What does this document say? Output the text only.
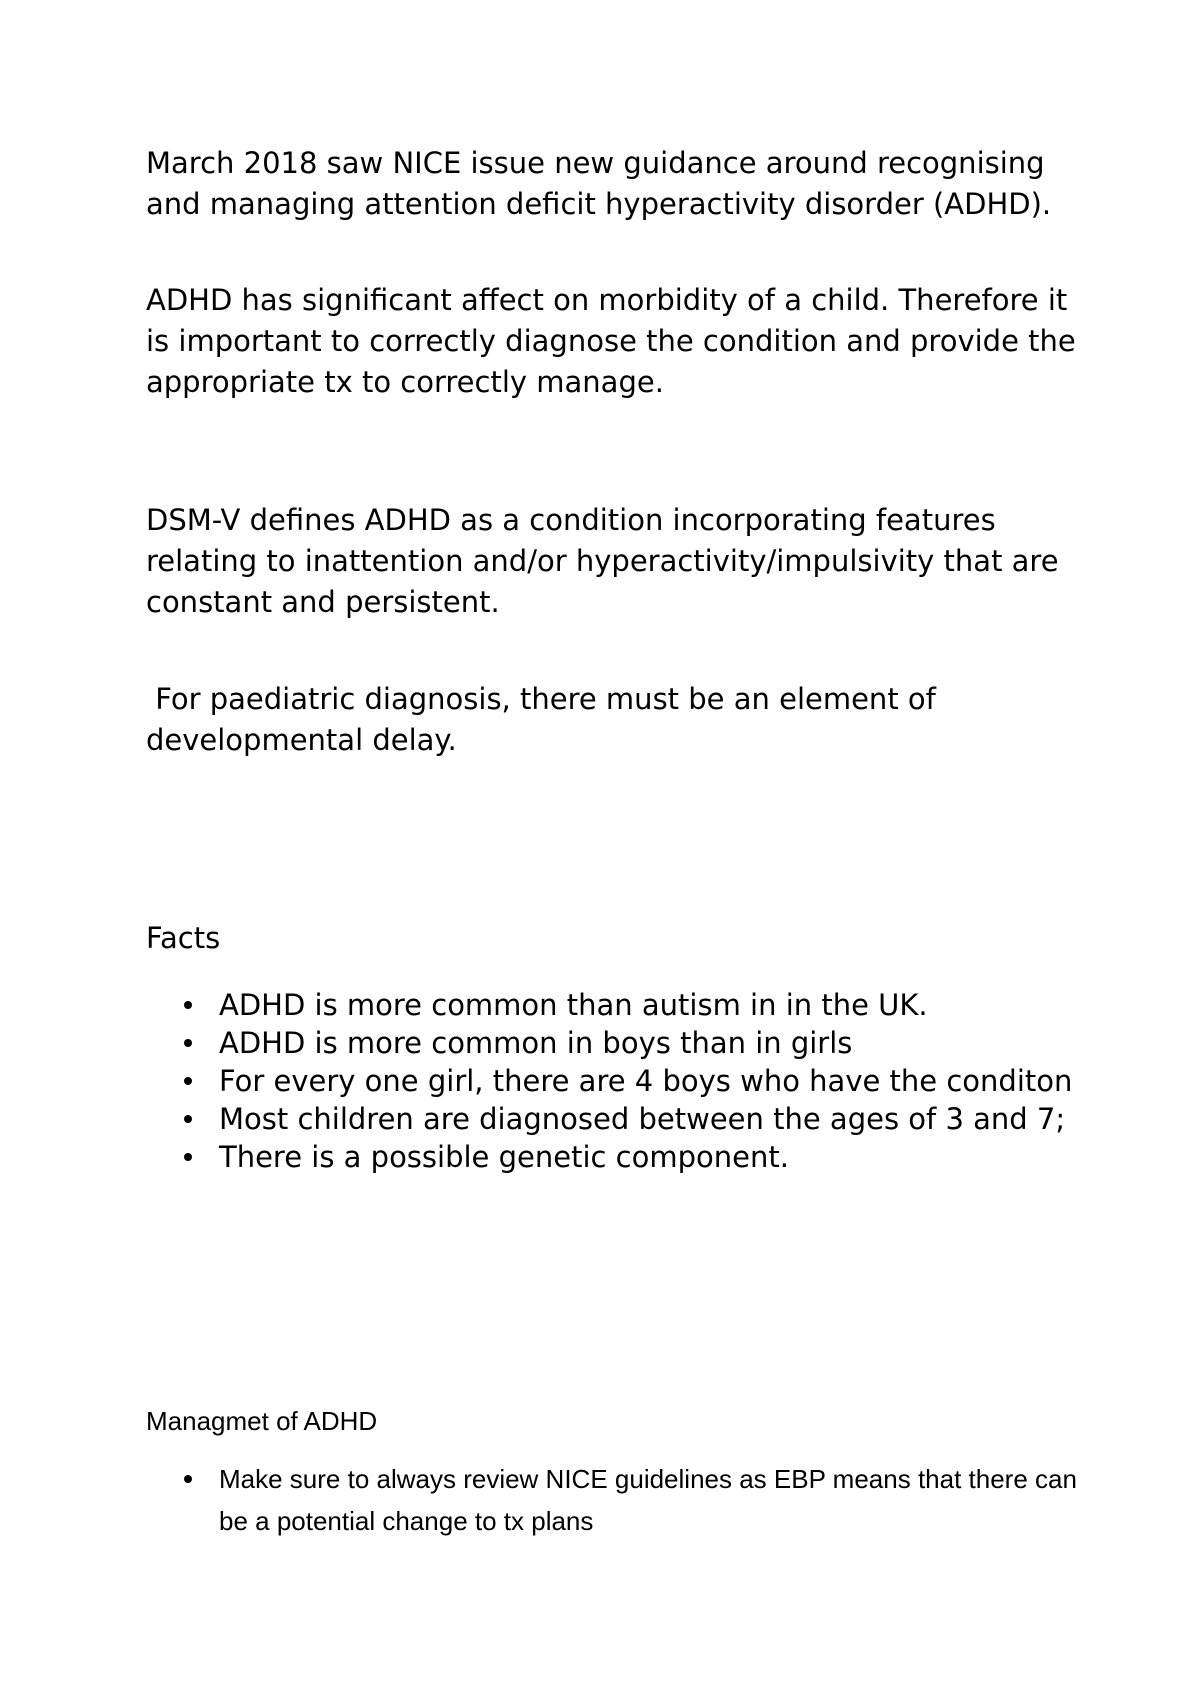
March 2018 saw NICE issue new guidance around recognising and managing attention deficit hyperactivity disorder (ADHD).

ADHD has significant affect on morbidity of a child. Therefore it is important to correctly diagnose the condition and provide the appropriate tx to correctly manage.

DSM-V defines ADHD as a condition incorporating features relating to inattention and/or hyperactivity/impulsivity that are constant and persistent.

For paediatric diagnosis, there must be an element of developmental delay.

Facts

ADHD is more common than autism in in the UK.
ADHD is more common in boys than in girls
For every one girl, there are 4 boys who have the conditon
Most children are diagnosed between the ages of 3 and 7;
There is a possible genetic component.

Managmet of ADHD

Make sure to always review NICE guidelines as EBP means that there can be a potential change to tx plans
